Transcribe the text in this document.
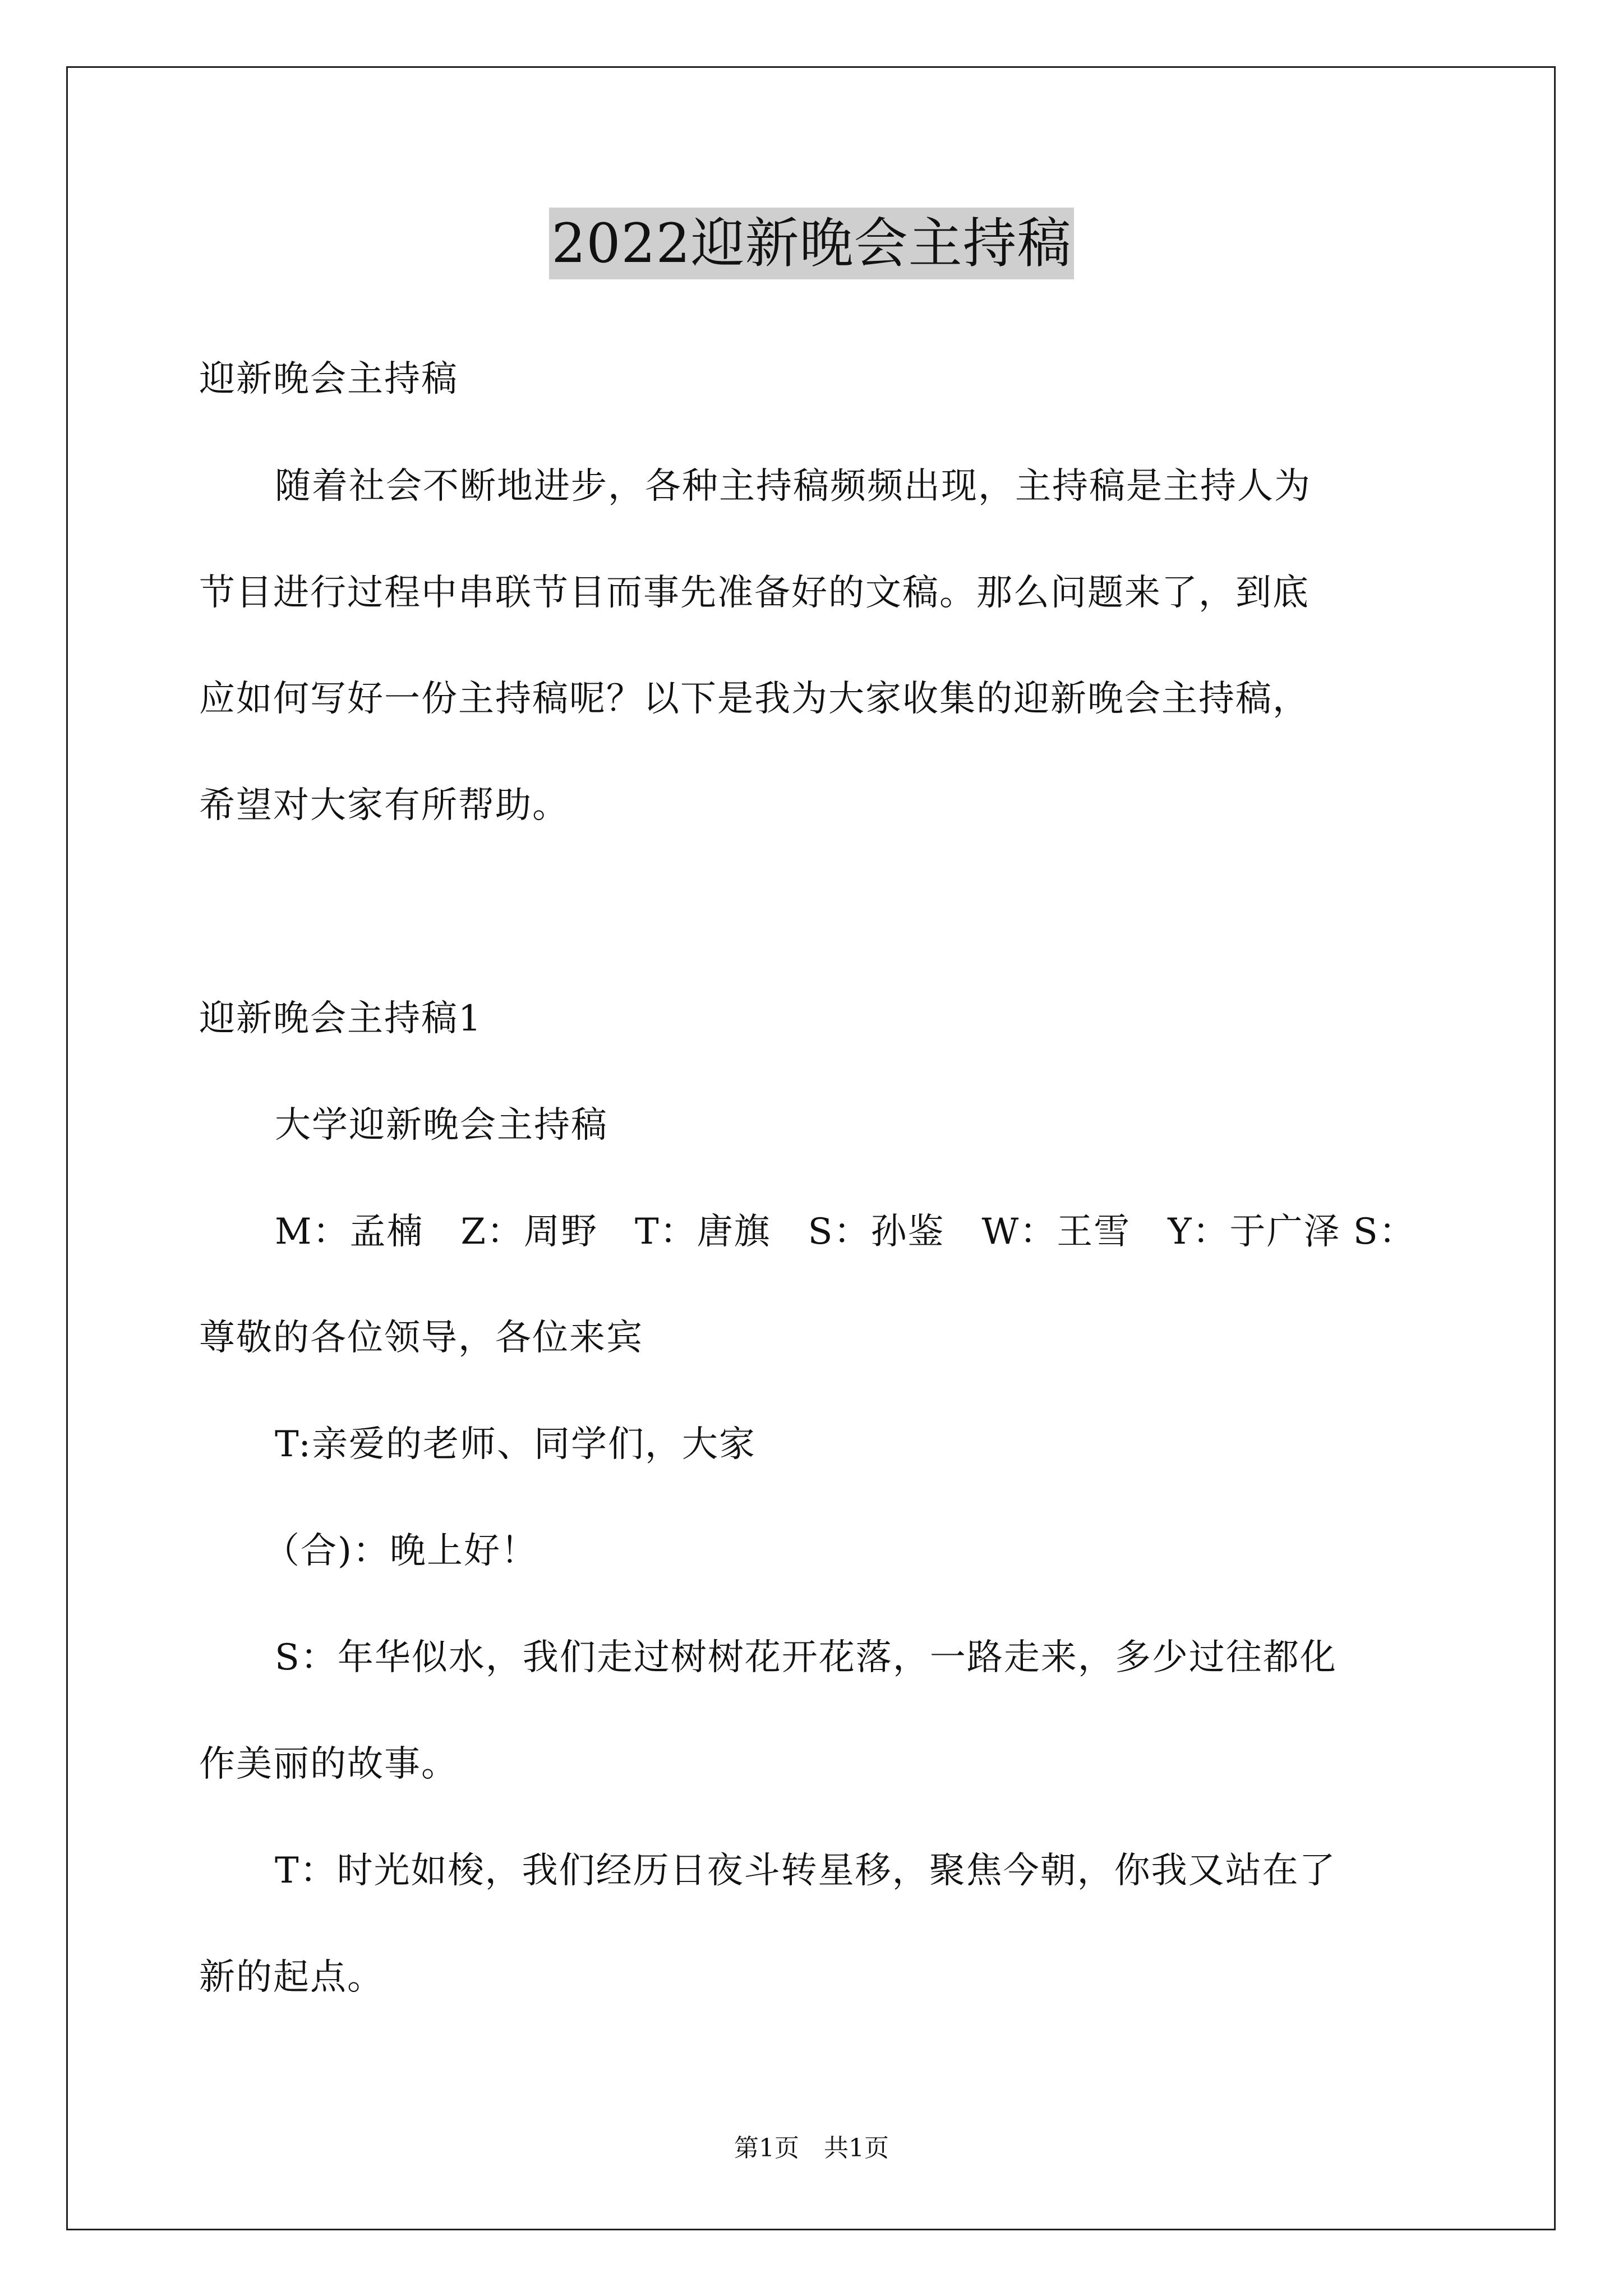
2022迎新晚会主持稿
迎新晚会主持稿
随着社会不断地进步，各种主持稿频频出现，主持稿是主持人为
节目进行过程中串联节目而事先准备好的文稿。那么问题来了，到底
应如何写好一份主持稿呢？以下是我为大家收集的迎新晚会主持稿，
希望对大家有所帮助。
迎新晚会主持稿1
大学迎新晚会主持稿
M：孟楠　Z：周野　T：唐旗　S：孙鉴　W：王雪　Y：于广泽 S：
尊敬的各位领导，各位来宾
T:亲爱的老师、同学们，大家
（合)：晚上好！
S：年华似水，我们走过树树花开花落，一路走来，多少过往都化
作美丽的故事。
T：时光如梭，我们经历日夜斗转星移，聚焦今朝，你我又站在了
新的起点。
第1页　共1页
